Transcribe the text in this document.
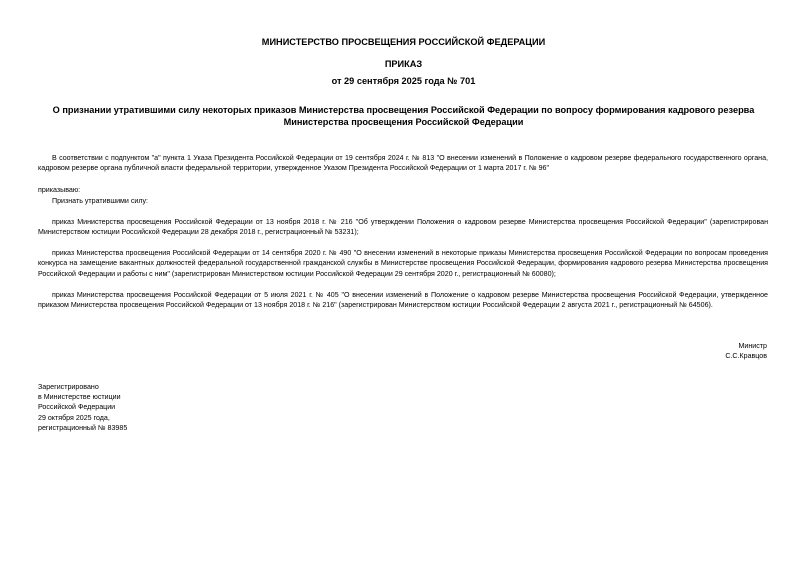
МИНИСТЕРСТВО ПРОСВЕЩЕНИЯ РОССИЙСКОЙ ФЕДЕРАЦИИ
ПРИКАЗ
от 29 сентября 2025 года № 701
О признании утратившими силу некоторых приказов Министерства просвещения Российской Федерации по вопросу формирования кадрового резерва Министерства просвещения Российской Федерации
В соответствии с подпунктом "а" пункта 1 Указа Президента Российской Федерации от 19 сентября 2024 г. № 813 "О внесении изменений в Положение о кадровом резерве федерального государственного органа, кадровом резерве органа публичной власти федеральной территории, утвержденное Указом Президента Российской Федерации от 1 марта 2017 г. № 96"
приказываю:
Признать утратившими силу:
приказ Министерства просвещения Российской Федерации от 13 ноября 2018 г. № 216 "Об утверждении Положения о кадровом резерве Министерства просвещения Российской Федерации" (зарегистрирован Министерством юстиции Российской Федерации 28 декабря 2018 г., регистрационный № 53231);
приказ Министерства просвещения Российской Федерации от 14 сентября 2020 г. № 490 "О внесении изменений в некоторые приказы Министерства просвещения Российской Федерации по вопросам проведения конкурса на замещение вакантных должностей федеральной государственной гражданской службы в Министерстве просвещения Российской Федерации, формирования кадрового резерва Министерства просвещения Российской Федерации и работы с ним" (зарегистрирован Министерством юстиции Российской Федерации 29 сентября 2020 г., регистрационный № 60080);
приказ Министерства просвещения Российской Федерации от 5 июля 2021 г. № 405 "О внесении изменений в Положение о кадровом резерве Министерства просвещения Российской Федерации, утвержденное приказом Министерства просвещения Российской Федерации от 13 ноября 2018 г. № 216" (зарегистрирован Министерством юстиции Российской Федерации 2 августа 2021 г., регистрационный № 64506).
Министр
С.С.Кравцов
Зарегистрировано
в Министерстве юстиции
Российской Федерации
29 октября 2025 года,
регистрационный № 83985
